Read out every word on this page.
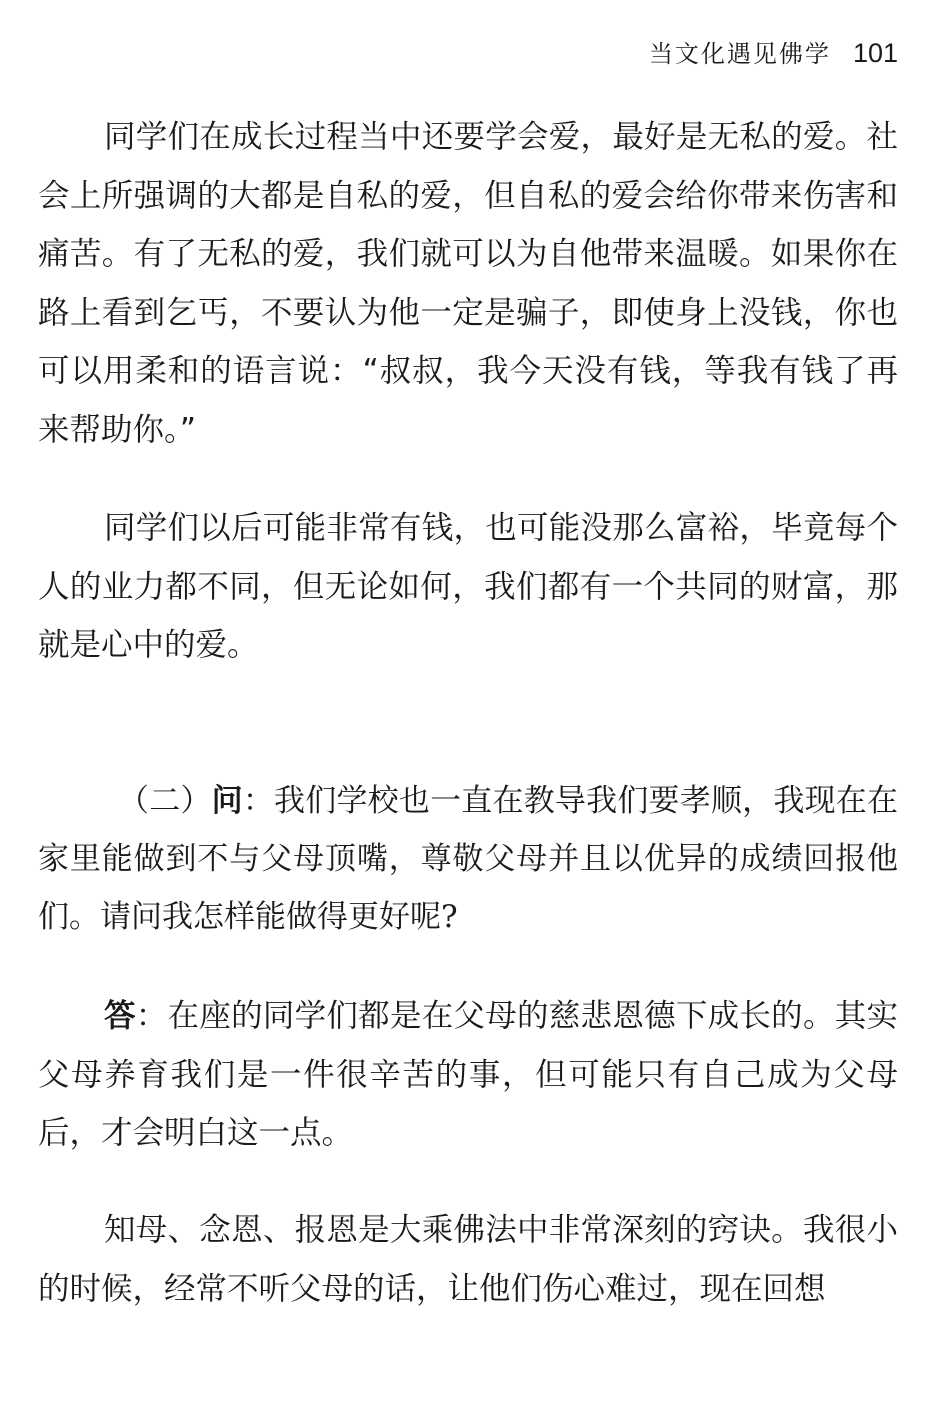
当文化遇见佛学 101

同学们在成长过程当中还要学会爱，最好是无私的爱。社会上所强调的大都是自私的爱，但自私的爱会给你带来伤害和痛苦。有了无私的爱，我们就可以为自他带来温暖。如果你在路上看到乞丐，不要认为他一定是骗子，即使身上没钱，你也可以用柔和的语言说：“叔叔，我今天没有钱，等我有钱了再来帮助你。”

同学们以后可能非常有钱，也可能没那么富裕，毕竟每个人的业力都不同，但无论如何，我们都有一个共同的财富，那就是心中的爱。

（二）问：我们学校也一直在教导我们要孝顺，我现在在家里能做到不与父母顶嘴，尊敬父母并且以优异的成绩回报他们。请问我怎样能做得更好呢?

答：在座的同学们都是在父母的慈悲恩德下成长的。其实父母养育我们是一件很辛苦的事，但可能只有自己成为父母后，才会明白这一点。

知母、念恩、报恩是大乘佛法中非常深刻的窍诀。我很小的时候，经常不听父母的话，让他们伤心难过，现在回想
